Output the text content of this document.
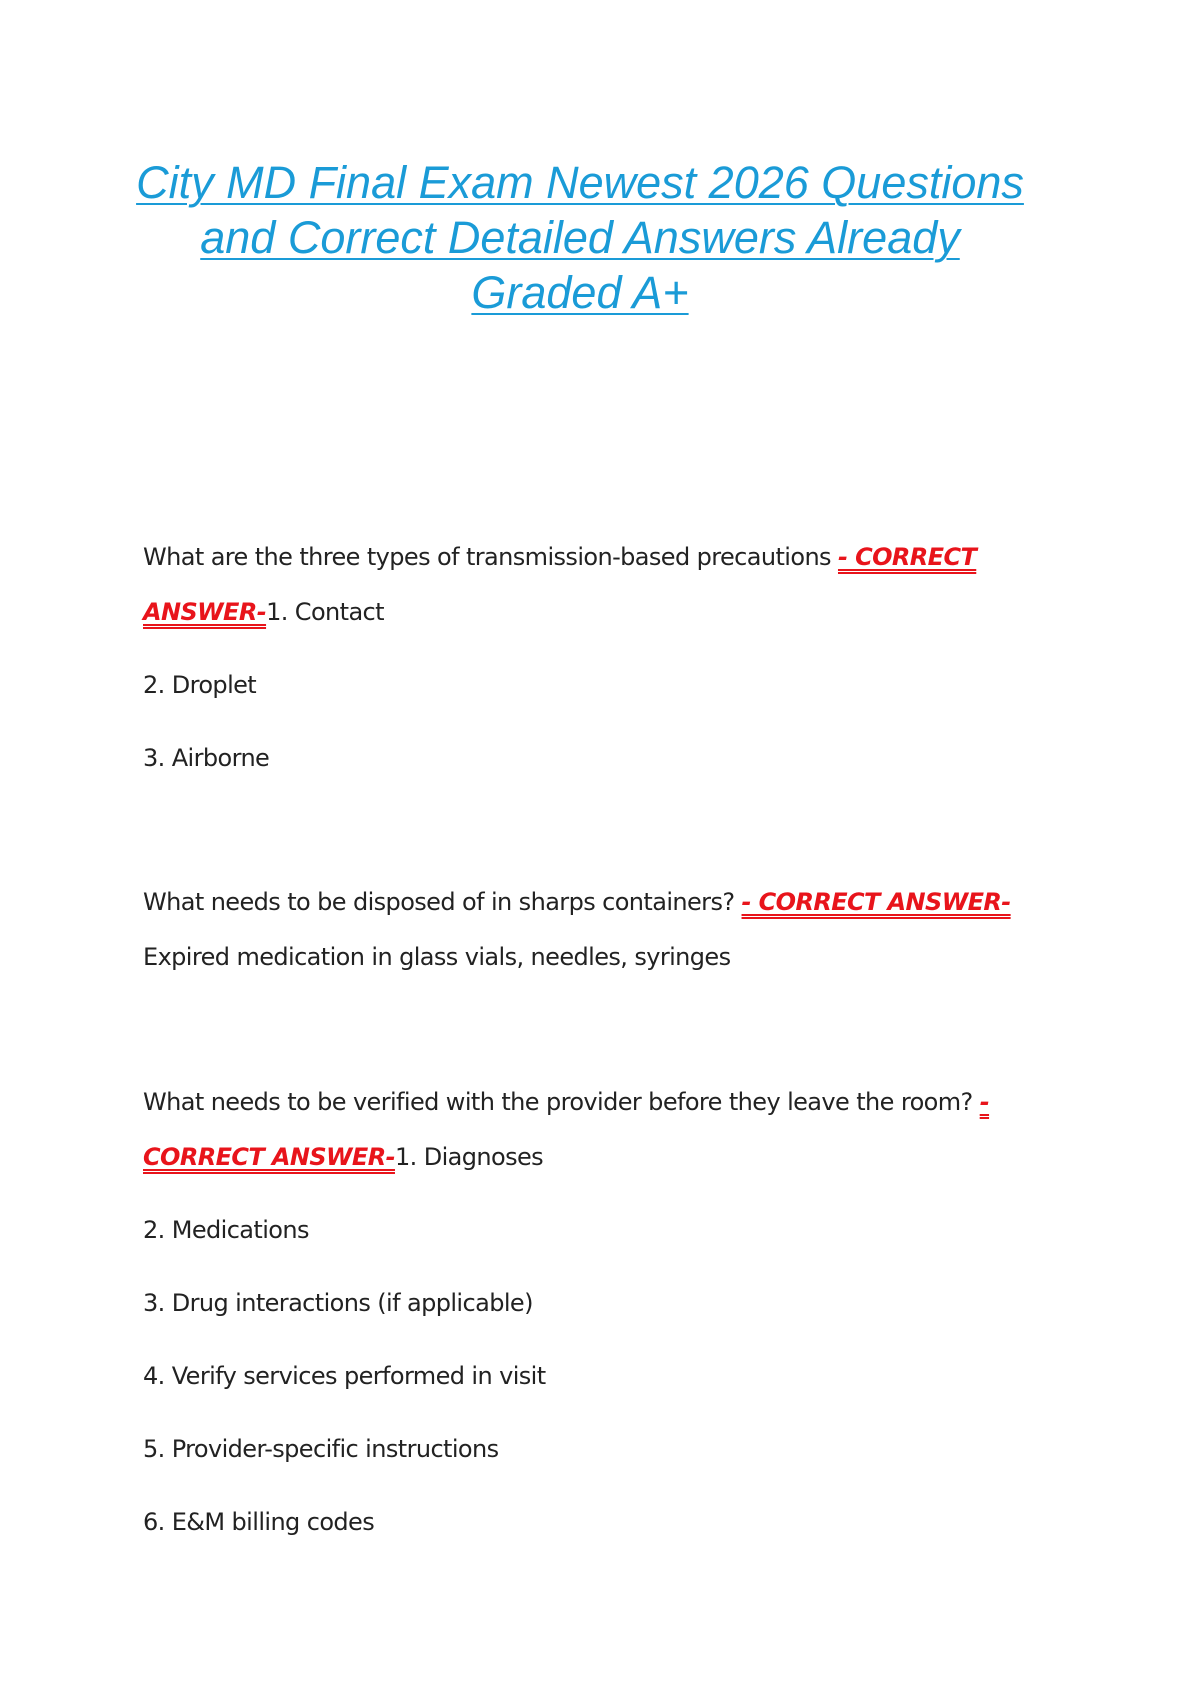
City MD Final Exam Newest 2026 Questions
and Correct Detailed Answers Already
Graded A+

What are the three types of transmission-based precautions - CORRECT ANSWER-1. Contact

2. Droplet

3. Airborne

What needs to be disposed of in sharps containers? - CORRECT ANSWER-Expired medication in glass vials, needles, syringes

What needs to be verified with the provider before they leave the room? - CORRECT ANSWER-1. Diagnoses

2. Medications

3. Drug interactions (if applicable)

4. Verify services performed in visit

5. Provider-specific instructions

6. E&M billing codes
